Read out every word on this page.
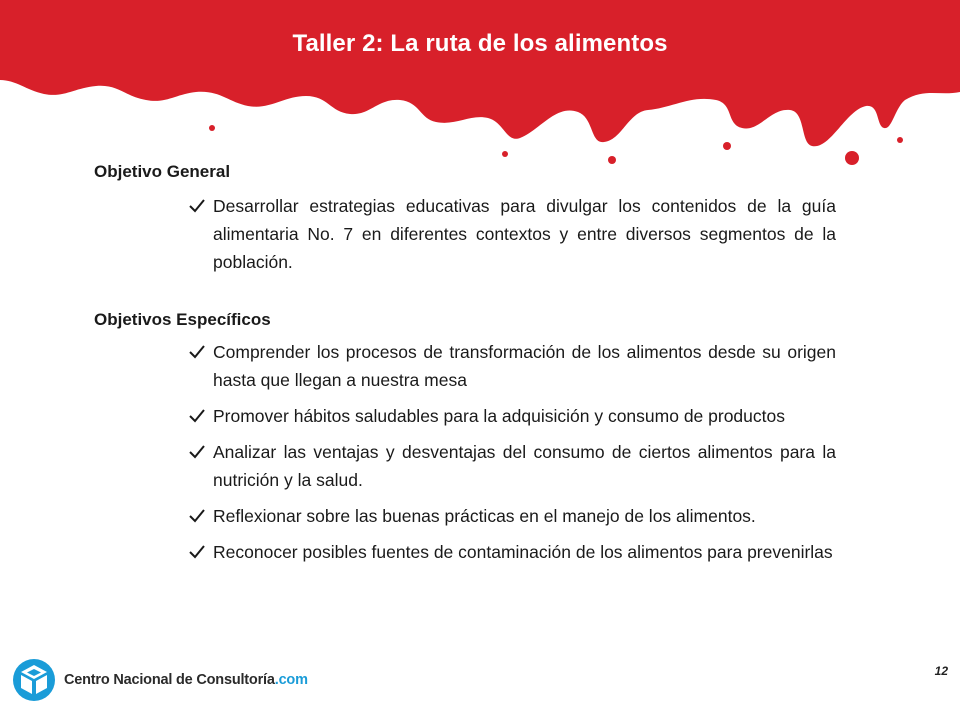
Taller 2: La ruta de los alimentos

Objetivo General

Desarrollar estrategias educativas para divulgar los contenidos de la guía alimentaria No. 7 en diferentes contextos y entre diversos segmentos de la población.

Objetivos Específicos

Comprender los procesos de transformación de los alimentos desde su origen hasta que llegan a nuestra mesa
Promover hábitos saludables para la adquisición y consumo de productos
Analizar las ventajas y desventajas del consumo de ciertos alimentos para la nutrición y la salud.
Reflexionar sobre las buenas prácticas en el manejo de los alimentos.
Reconocer posibles fuentes de contaminación de los alimentos para prevenirlas
Centro Nacional de Consultoría.com
12
